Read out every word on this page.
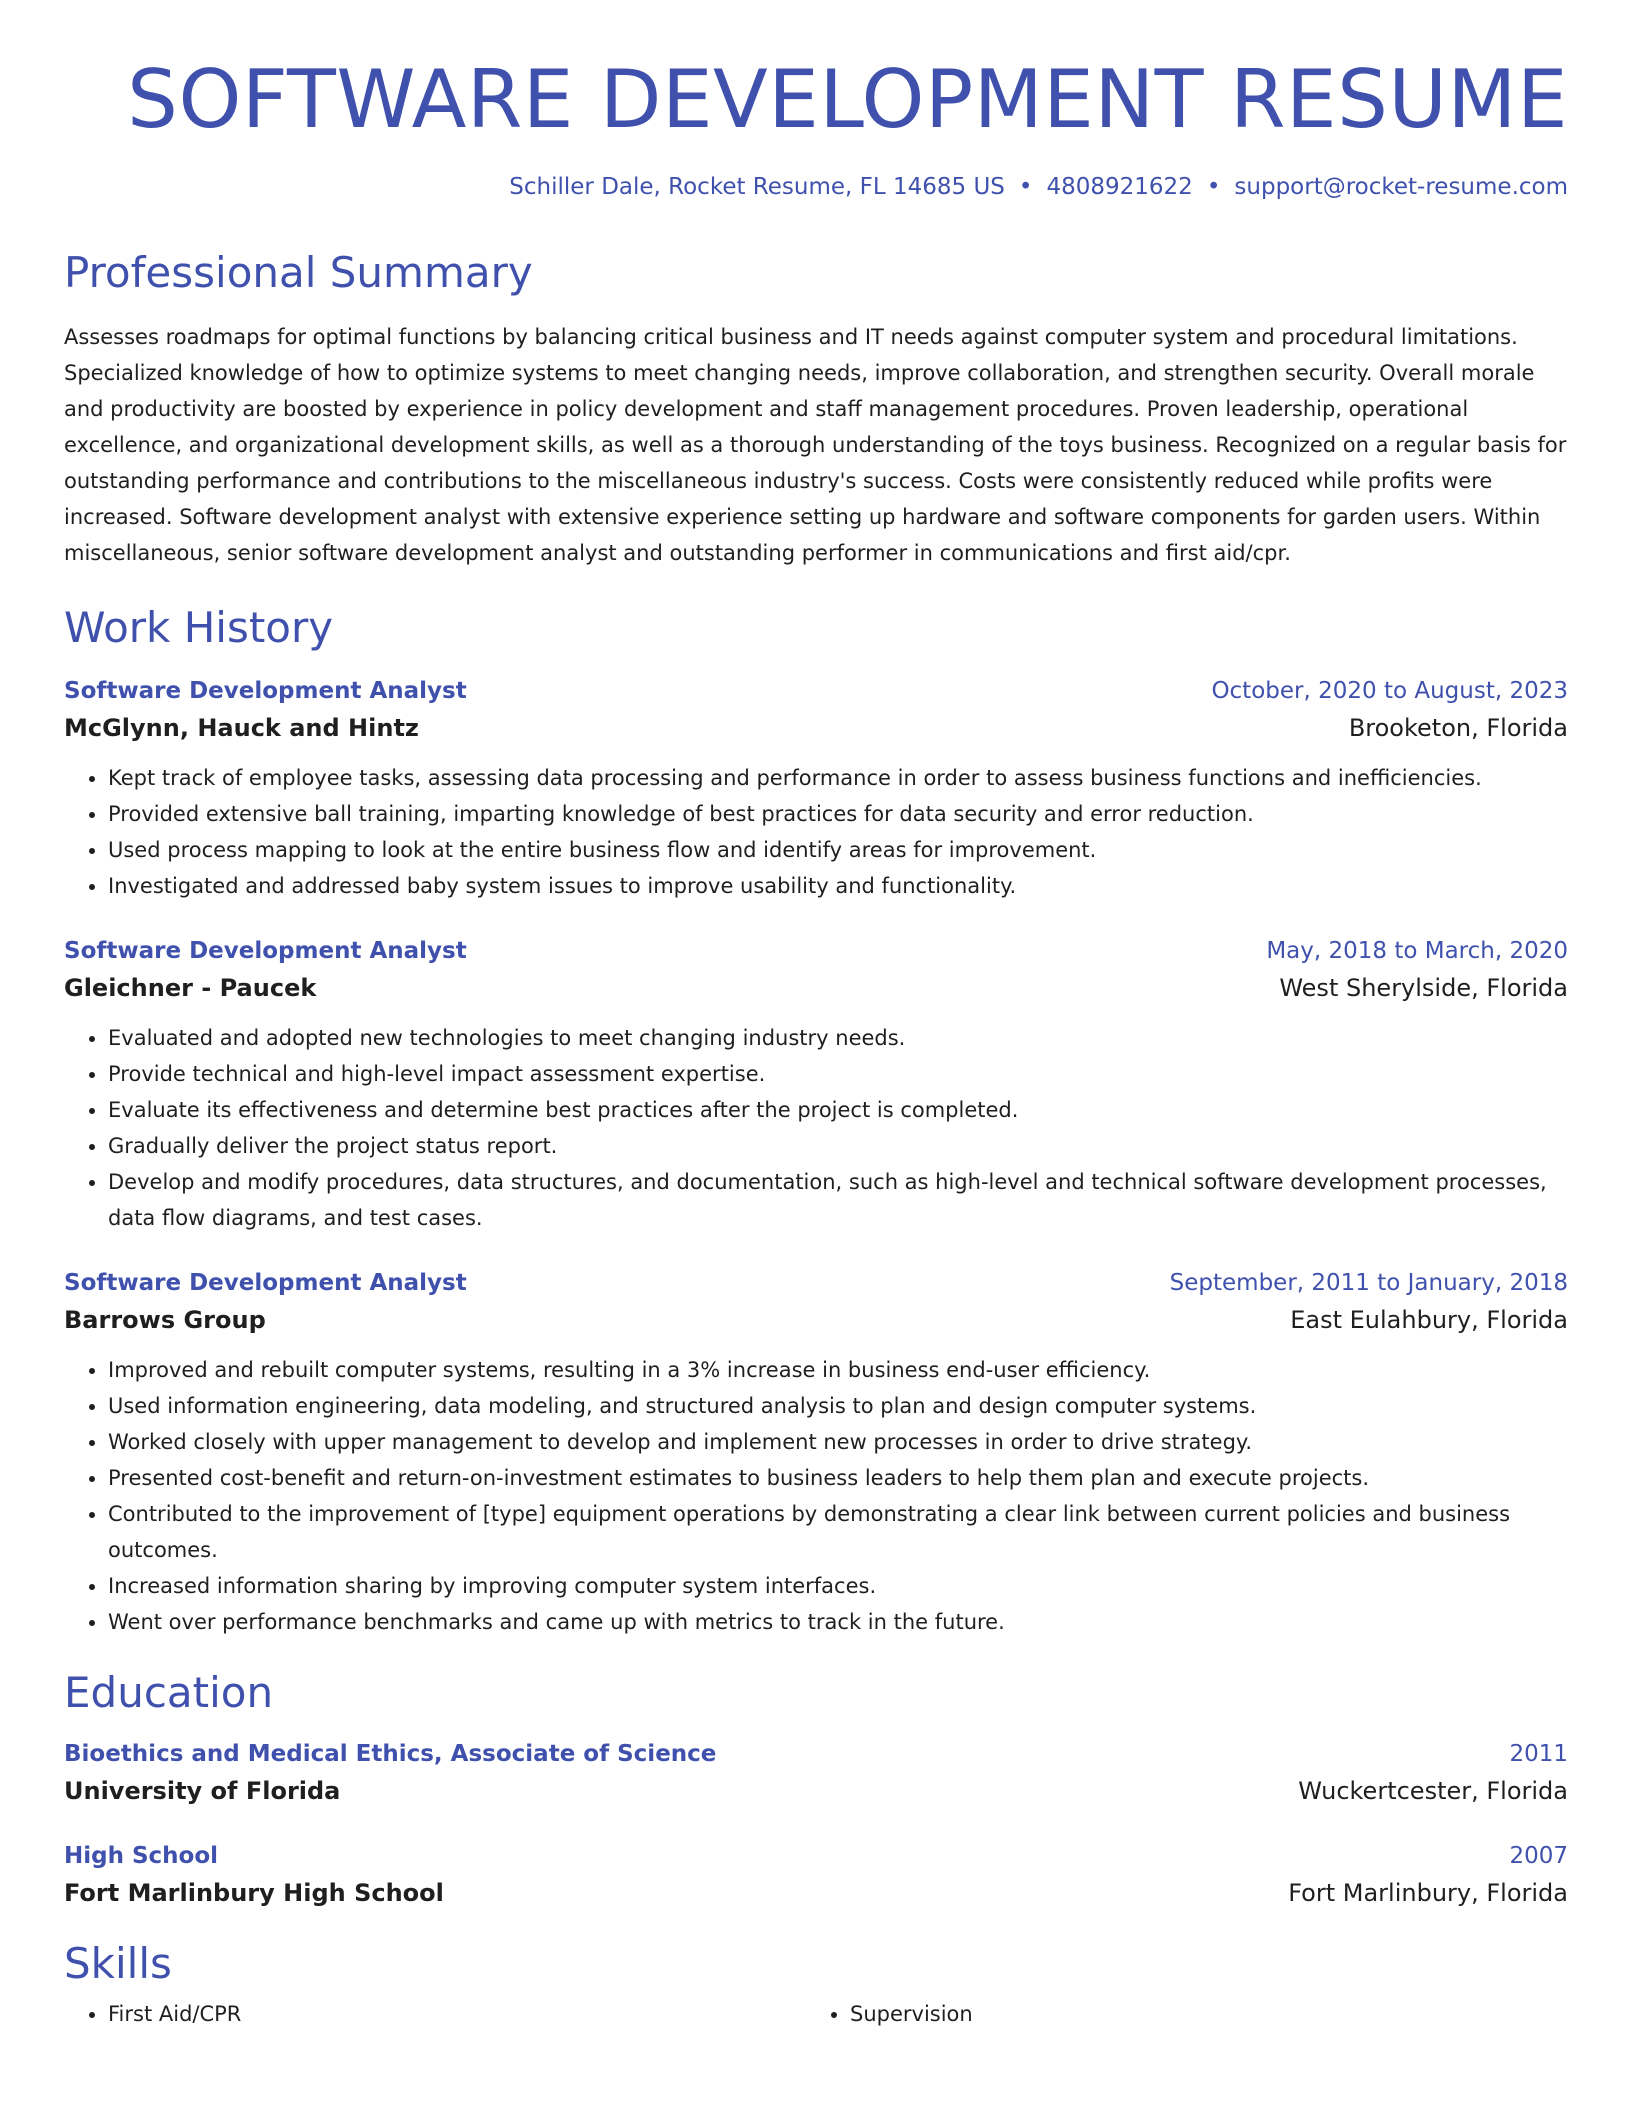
SOFTWARE DEVELOPMENT RESUME
Schiller Dale, Rocket Resume, FL 14685 US • 4808921622 • support@rocket-resume.com
Professional Summary

Assesses roadmaps for optimal functions by balancing critical business and IT needs against computer system and procedural limitations. Specialized knowledge of how to optimize systems to meet changing needs, improve collaboration, and strengthen security. Overall morale and productivity are boosted by experience in policy development and staff management procedures. Proven leadership, operational excellence, and organizational development skills, as well as a thorough understanding of the toys business. Recognized on a regular basis for outstanding performance and contributions to the miscellaneous industry's success. Costs were consistently reduced while profits were increased. Software development analyst with extensive experience setting up hardware and software components for garden users. Within miscellaneous, senior software development analyst and outstanding performer in communications and first aid/cpr.

Work History
Software Development Analyst	October, 2020 to August, 2023
McGlynn, Hauck and Hintz	Brooketon, Florida
• Kept track of employee tasks, assessing data processing and performance in order to assess business functions and inefficiencies.
• Provided extensive ball training, imparting knowledge of best practices for data security and error reduction.
• Used process mapping to look at the entire business flow and identify areas for improvement.
• Investigated and addressed baby system issues to improve usability and functionality.
Software Development Analyst	May, 2018 to March, 2020
Gleichner - Paucek	West Sherylside, Florida
• Evaluated and adopted new technologies to meet changing industry needs.
• Provide technical and high-level impact assessment expertise.
• Evaluate its effectiveness and determine best practices after the project is completed.
• Gradually deliver the project status report.
• Develop and modify procedures, data structures, and documentation, such as high-level and technical software development processes, data flow diagrams, and test cases.
Software Development Analyst	September, 2011 to January, 2018
Barrows Group	East Eulahbury, Florida
• Improved and rebuilt computer systems, resulting in a 3% increase in business end-user efficiency.
• Used information engineering, data modeling, and structured analysis to plan and design computer systems.
• Worked closely with upper management to develop and implement new processes in order to drive strategy.
• Presented cost-benefit and return-on-investment estimates to business leaders to help them plan and execute projects.
• Contributed to the improvement of [type] equipment operations by demonstrating a clear link between current policies and business outcomes.
• Increased information sharing by improving computer system interfaces.
• Went over performance benchmarks and came up with metrics to track in the future.
Education
Bioethics and Medical Ethics, Associate of Science	2011
University of Florida	Wuckertcester, Florida
High School	2007
Fort Marlinbury High School	Fort Marlinbury, Florida
Skills
• First Aid/CPR
•	Supervision
